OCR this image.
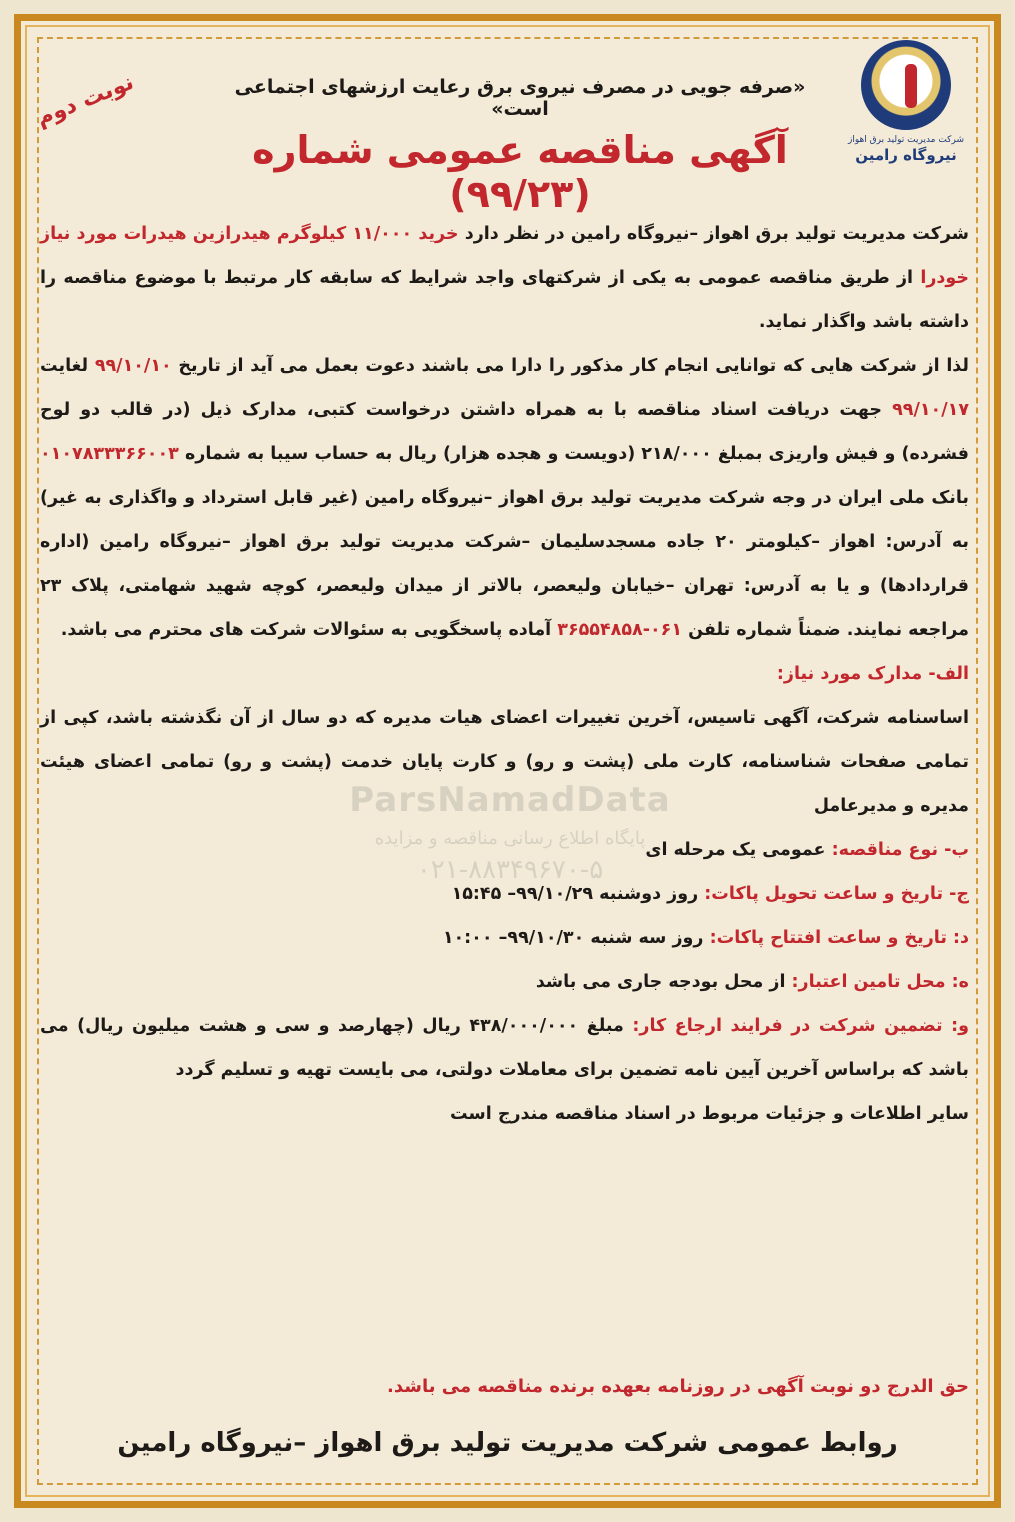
شرکت مدیریت تولید برق اهواز
نیروگاه رامین
نوبت دوم	«صرفه جویی در مصرف نیروی برق رعایت ارزشهای اجتماعی است»
آگهی مناقصه عمومی شماره (۹۹/۲۳)
ParsNamadData
پایگاه اطلاع رسانی مناقصه و مزایده
۰۲۱-۸۸۳۴۹۶۷۰-۵

شرکت مدیریت تولید برق اهواز –نیروگاه رامین در نظر دارد خرید ۱۱/۰۰۰ کیلوگرم هیدرازین هیدرات مورد نیاز خودرا از طریق مناقصه عمومی به یکی از شرکتهای واجد شرایط که سابقه کار مرتبط با موضوع مناقصه را داشته باشد واگذار نماید.

لذا از شرکت هایی که توانایی انجام کار مذکور را دارا می باشند دعوت بعمل می آید از تاریخ ۹۹/۱۰/۱۰ لغایت ۹۹/۱۰/۱۷ جهت دریافت اسناد مناقصه با به همراه داشتن درخواست کتبی، مدارک ذیل (در قالب دو لوح فشرده) و فیش واریزی بمبلغ ۲۱۸/۰۰۰ (دویست و هجده هزار) ریال به حساب سیبا به شماره ۰۱۰۷۸۳۳۳۶۶۰۰۳ بانک ملی ایران در وجه شرکت مدیریت تولید برق اهواز –نیروگاه رامین (غیر قابل استرداد و واگذاری به غیر) به آدرس: اهواز –کیلومتر ۲۰ جاده مسجدسلیمان –شرکت مدیریت تولید برق اهواز –نیروگاه رامین (اداره قراردادها) و یا به آدرس: تهران –خیابان ولیعصر، بالاتر از میدان ولیعصر، کوچه شهید شهامتی، پلاک ۲۳ مراجعه نمایند. ضمناً شماره تلفن ۰۶۱-۳۶۵۵۴۸۵۸ آماده پاسخگویی به سئوالات شرکت های محترم می باشد.

الف- مدارک مورد نیاز:

اساسنامه شرکت، آگهی تاسیس، آخرین تغییرات اعضای هیات مدیره که دو سال از آن نگذشته باشد، کپی از تمامی صفحات شناسنامه، کارت ملی (پشت و رو) و کارت پایان خدمت (پشت و رو) تمامی اعضای هیئت مدیره و مدیرعامل

ب- نوع مناقصه: عمومی یک مرحله ای

ج- تاریخ و ساعت تحویل پاکات: روز دوشنبه ۹۹/۱۰/۲۹– ۱۵:۴۵

د: تاریخ و ساعت افتتاح پاکات: روز سه شنبه ۹۹/۱۰/۳۰– ۱۰:۰۰

ه: محل تامین اعتبار: از محل بودجه جاری می باشد

و: تضمین شرکت در فرایند ارجاع کار: مبلغ ۴۳۸/۰۰۰/۰۰۰ ریال (چهارصد و سی و هشت میلیون ریال) می باشد که براساس آخرین آیین نامه تضمین برای معاملات دولتی، می بایست تهیه و تسلیم گردد

سایر اطلاعات و جزئیات مربوط در اسناد مناقصه مندرج است

حق الدرج دو نوبت آگهی در روزنامه بعهده برنده مناقصه می باشد.
روابط عمومی شرکت مدیریت تولید برق اهواز –نیروگاه رامین
